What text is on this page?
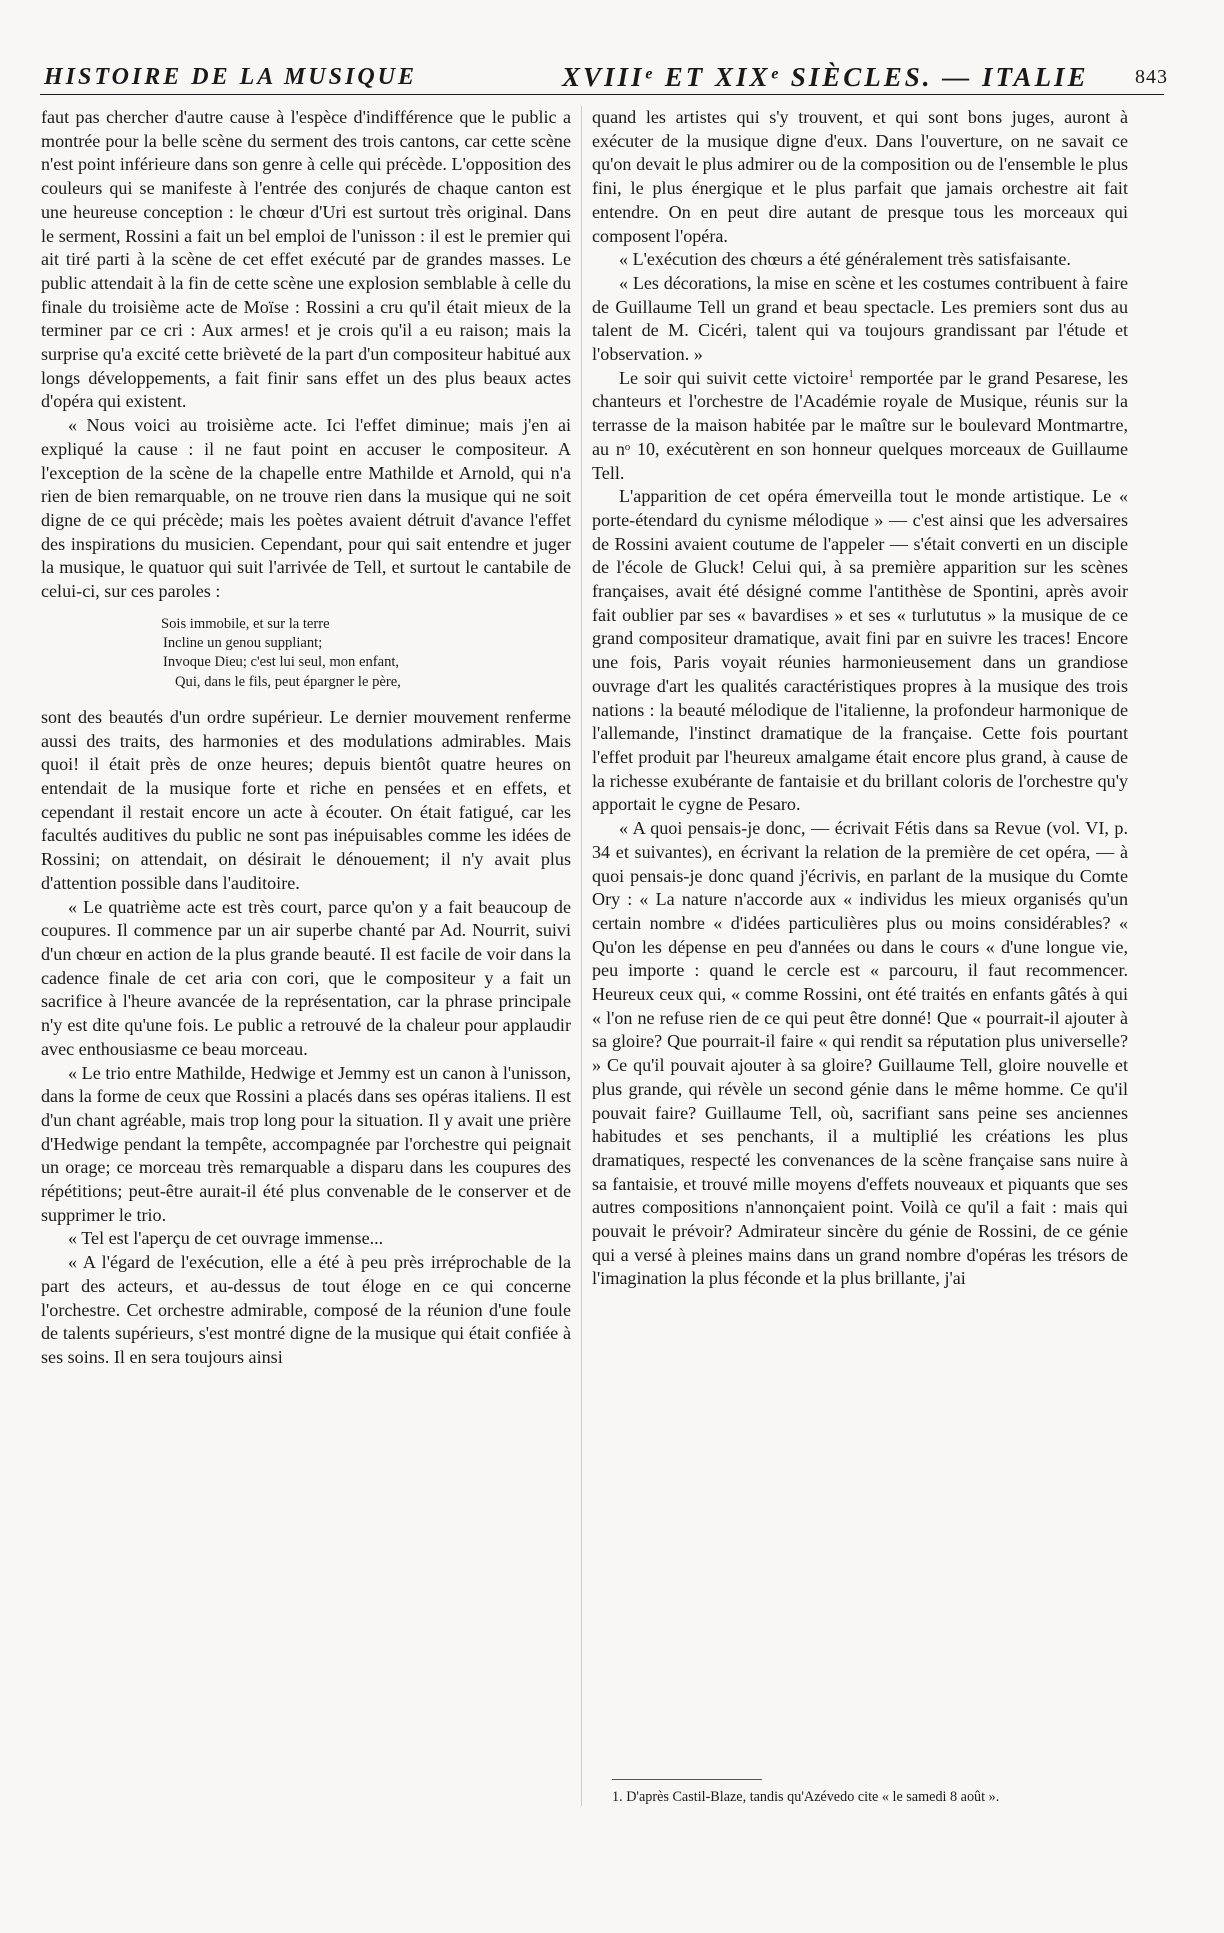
HISTOIRE DE LA MUSIQUE	XVIIIᵉ ET XIXᵉ SIÈCLES. — ITALIE 843

faut pas chercher d'autre cause à l'espèce d'indifférence que le public a montrée pour la belle scène du serment des trois cantons, car cette scène n'est point inférieure dans son genre à celle qui précède. L'opposition des couleurs qui se manifeste à l'entrée des conjurés de chaque canton est une heureuse conception : le chœur d'Uri est surtout très original. Dans le serment, Rossini a fait un bel emploi de l'unisson : il est le premier qui ait tiré parti à la scène de cet effet exécuté par de grandes masses. Le public attendait à la fin de cette scène une explosion semblable à celle du finale du troisième acte de Moïse : Rossini a cru qu'il était mieux de la terminer par ce cri : Aux armes! et je crois qu'il a eu raison; mais la surprise qu'a excité cette brièveté de la part d'un compositeur habitué aux longs développements, a fait finir sans effet un des plus beaux actes d'opéra qui existent.

« Nous voici au troisième acte. Ici l'effet diminue; mais j'en ai expliqué la cause : il ne faut point en accuser le compositeur. A l'exception de la scène de la chapelle entre Mathilde et Arnold, qui n'a rien de bien remarquable, on ne trouve rien dans la musique qui ne soit digne de ce qui précède; mais les poètes avaient détruit d'avance l'effet des inspirations du musicien. Cependant, pour qui sait entendre et juger la musique, le quatuor qui suit l'arrivée de Tell, et surtout le cantabile de celui-ci, sur ces paroles :

Sois immobile, et sur la terre
Incline un genou suppliant;
Invoque Dieu; c'est lui seul, mon enfant,
Qui, dans le fils, peut épargner le père,

sont des beautés d'un ordre supérieur. Le dernier mouvement renferme aussi des traits, des harmonies et des modulations admirables. Mais quoi! il était près de onze heures; depuis bientôt quatre heures on entendait de la musique forte et riche en pensées et en effets, et cependant il restait encore un acte à écouter. On était fatigué, car les facultés auditives du public ne sont pas inépuisables comme les idées de Rossini; on attendait, on désirait le dénouement; il n'y avait plus d'attention possible dans l'auditoire.

« Le quatrième acte est très court, parce qu'on y a fait beaucoup de coupures. Il commence par un air superbe chanté par Ad. Nourrit, suivi d'un chœur en action de la plus grande beauté. Il est facile de voir dans la cadence finale de cet aria con cori, que le compositeur y a fait un sacrifice à l'heure avancée de la représentation, car la phrase principale n'y est dite qu'une fois. Le public a retrouvé de la chaleur pour applaudir avec enthousiasme ce beau morceau.

« Le trio entre Mathilde, Hedwige et Jemmy est un canon à l'unisson, dans la forme de ceux que Rossini a placés dans ses opéras italiens. Il est d'un chant agréable, mais trop long pour la situation. Il y avait une prière d'Hedwige pendant la tempête, accompagnée par l'orchestre qui peignait un orage; ce morceau très remarquable a disparu dans les coupures des répétitions; peut-être aurait-il été plus convenable de le conserver et de supprimer le trio.

« Tel est l'aperçu de cet ouvrage immense...

« A l'égard de l'exécution, elle a été à peu près irréprochable de la part des acteurs, et au-dessus de tout éloge en ce qui concerne l'orchestre. Cet orchestre admirable, composé de la réunion d'une foule de talents supérieurs, s'est montré digne de la musique qui était confiée à ses soins. Il en sera toujours ainsi

quand les artistes qui s'y trouvent, et qui sont bons juges, auront à exécuter de la musique digne d'eux. Dans l'ouverture, on ne savait ce qu'on devait le plus admirer ou de la composition ou de l'ensemble le plus fini, le plus énergique et le plus parfait que jamais orchestre ait fait entendre. On en peut dire autant de presque tous les morceaux qui composent l'opéra.

« L'exécution des chœurs a été généralement très satisfaisante.

« Les décorations, la mise en scène et les costumes contribuent à faire de Guillaume Tell un grand et beau spectacle. Les premiers sont dus au talent de M. Cicéri, talent qui va toujours grandissant par l'étude et l'observation. »

Le soir qui suivit cette victoire$^1$ remportée par le grand Pesarese, les chanteurs et l'orchestre de l'Académie royale de Musique, réunis sur la terrasse de la maison habitée par le maître sur le boulevard Montmartre, au nᵒ 10, exécutèrent en son honneur quelques morceaux de Guillaume Tell.

L'apparition de cet opéra émerveilla tout le monde artistique. Le « porte-étendard du cynisme mélodique » — c'est ainsi que les adversaires de Rossini avaient coutume de l'appeler — s'était converti en un disciple de l'école de Gluck! Celui qui, à sa première apparition sur les scènes françaises, avait été désigné comme l'antithèse de Spontini, après avoir fait oublier par ses « bavardises » et ses « turlututus » la musique de ce grand compositeur dramatique, avait fini par en suivre les traces! Encore une fois, Paris voyait réunies harmonieusement dans un grandiose ouvrage d'art les qualités caractéristiques propres à la musique des trois nations : la beauté mélodique de l'italienne, la profondeur harmonique de l'allemande, l'instinct dramatique de la française. Cette fois pourtant l'effet produit par l'heureux amalgame était encore plus grand, à cause de la richesse exubérante de fantaisie et du brillant coloris de l'orchestre qu'y apportait le cygne de Pesaro.

« A quoi pensais-je donc, — écrivait Fétis dans sa Revue (vol. VI, p. 34 et suivantes), en écrivant la relation de la première de cet opéra, — à quoi pensais-je donc quand j'écrivis, en parlant de la musique du Comte Ory : « La nature n'accorde aux « individus les mieux organisés qu'un certain nombre « d'idées particulières plus ou moins considérables? « Qu'on les dépense en peu d'années ou dans le cours « d'une longue vie, peu importe : quand le cercle est « parcouru, il faut recommencer. Heureux ceux qui, « comme Rossini, ont été traités en enfants gâtés à qui « l'on ne refuse rien de ce qui peut être donné! Que « pourrait-il ajouter à sa gloire? Que pourrait-il faire « qui rendit sa réputation plus universelle? » Ce qu'il pouvait ajouter à sa gloire? Guillaume Tell, gloire nouvelle et plus grande, qui révèle un second génie dans le même homme. Ce qu'il pouvait faire? Guillaume Tell, où, sacrifiant sans peine ses anciennes habitudes et ses penchants, il a multiplié les créations les plus dramatiques, respecté les convenances de la scène française sans nuire à sa fantaisie, et trouvé mille moyens d'effets nouveaux et piquants que ses autres compositions n'annonçaient point. Voilà ce qu'il a fait : mais qui pouvait le prévoir? Admirateur sincère du génie de Rossini, de ce génie qui a versé à pleines mains dans un grand nombre d'opéras les trésors de l'imagination la plus féconde et la plus brillante, j'ai

1. D'après Castil-Blaze, tandis qu'Azévedo cite « le samedi 8 août ».
